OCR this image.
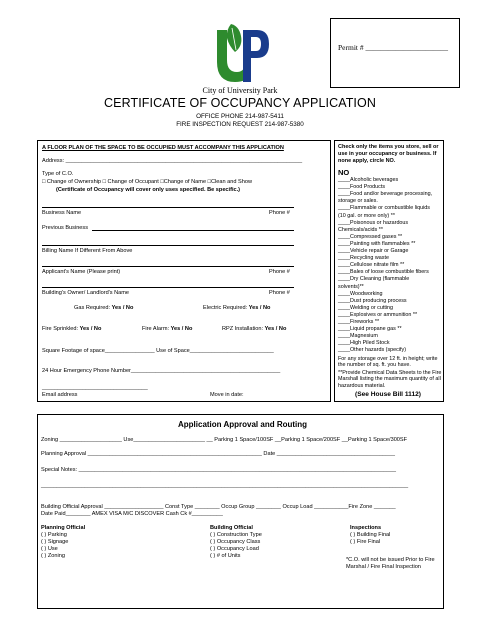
Permit # ______________________
City of University Park
CERTIFICATE OF OCCUPANCY APPLICATION
OFFICE PHONE 214-987-5411
FIRE INSPECTION REQUEST 214-987-5380
A FLOOR PLAN OF THE SPACE TO BE OCCUPIED MUST ACCOMPANY THIS APPLICATION
Address: ____________________________________________________________________________
Type of C.O.
□ Change of Ownership □ Change of Occupant □Change of Name □Clean and Show
(Certificate of Occupancy will cover only uses specified. Be specific.)
Business Name	Phone #
Previous Business
Billing Name If Different From Above
Applicant's Name (Please print)	Phone #
Building's Owner/ Landlord's Name	Phone #
Gas Required: Yes / No	Electric Required: Yes / No
Fire Sprinkled: Yes / No	Fire Alarm: Yes / No	RPZ Installation: Yes / No
Square Footage of space________________ Use of Space___________________________
24 Hour Emergency Phone Number________________________________________________
__________________________________
Email address	Move in date:
Check only the items you store, sell or use in your occupancy or business. If none apply, circle NO.
NO
____Alcoholic beverages
____Food Products
____Food and/or beverage processing,
storage or sales.
____Flammable or combustible liquids
(10 gal. or more only) **
____Poisonous or hazardous
Chemicals/acids **
____Compressed gases **
____Painting with flammables **
____Vehicle repair or Garage
____Recycling waste
____Cellulose nitrate film **
____Bales of loose combustible fibers
____Dry Cleaning (flammable
solvents)**
____Woodworking
____Dust producing process
____Welding or cutting
____Explosives or ammunition **
____Fireworks **
____Liquid propane gas **
____Magnesium
____High Piled Stock
____Other hazards (specify)
For any storage over 12 ft. in height; write the number of sq. ft. you have.
**Provide Chemical Data Sheets to the Fire Marshall listing the maximum quantity of all hazardous material.
(See House Bill 1112)
Application Approval and Routing
Zoning ____________________ Use_______________________ __ Parking 1 Space/100SF __Parking 1 Space/200SF __Parking 1 Space/300SF
Planning Approval ________________________________________________________ Date ______________________________________
Special Notes: ______________________________________________________________________________________________________
______________________________________________________________________________________________________________________
Building Official Approval ___________________ Const Type ________ Occup Group ________ Occup Load ___________Fire Zone _______
Date Paid________ AMEX VISA M/C DISCOVER Cash Ck #__________
Planning Official
( ) Parking
( ) Signage
( ) Use
( ) Zoning
Building Official
( ) Construction Type
( ) Occupancy Class
( ) Occupancy Load
( ) # of Units
Inspections
( ) Building Final
( ) Fire Final
*C.O. will not be issued Prior to Fire Marshal / Fire Final Inspection
